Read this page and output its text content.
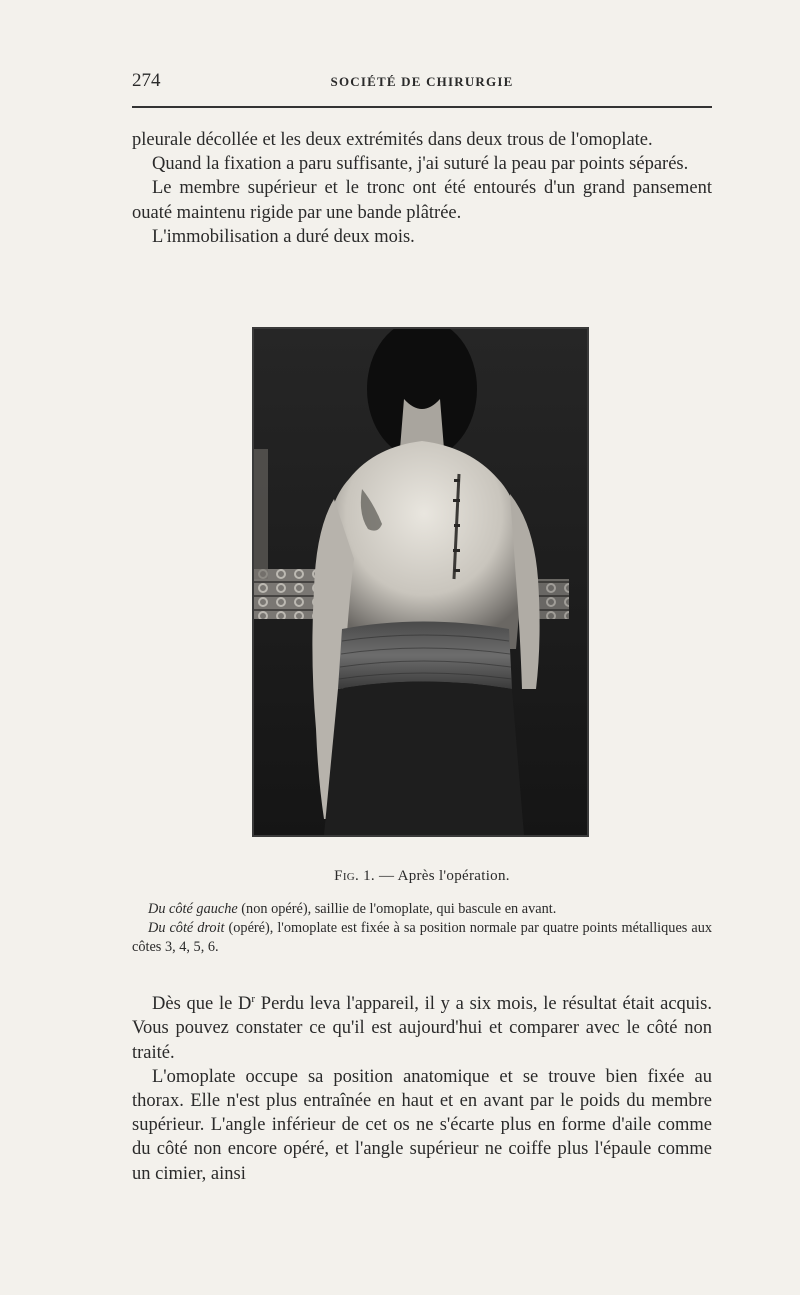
274	SOCIÉTÉ DE CHIRURGIE

pleurale décollée et les deux extrémités dans deux trous de l'omoplate.

Quand la fixation a paru suffisante, j'ai suturé la peau par points séparés.

Le membre supérieur et le tronc ont été entourés d'un grand pansement ouaté maintenu rigide par une bande plâtrée.

L'immobilisation a duré deux mois.

Fig. 1. — Après l'opération.

Du côté gauche (non opéré), saillie de l'omoplate, qui bascule en avant.

Du côté droit (opéré), l'omoplate est fixée à sa position normale par quatre points métalliques aux côtes 3, 4, 5, 6.

Dès que le $D^r$ Perdu leva l'appareil, il y a six mois, le résultat était acquis. Vous pouvez constater ce qu'il est aujourd'hui et comparer avec le côté non traité.

L'omoplate occupe sa position anatomique et se trouve bien fixée au thorax. Elle n'est plus entraînée en haut et en avant par le poids du membre supérieur. L'angle inférieur de cet os ne s'écarte plus en forme d'aile comme du côté non encore opéré, et l'angle supérieur ne coiffe plus l'épaule comme un cimier, ainsi
